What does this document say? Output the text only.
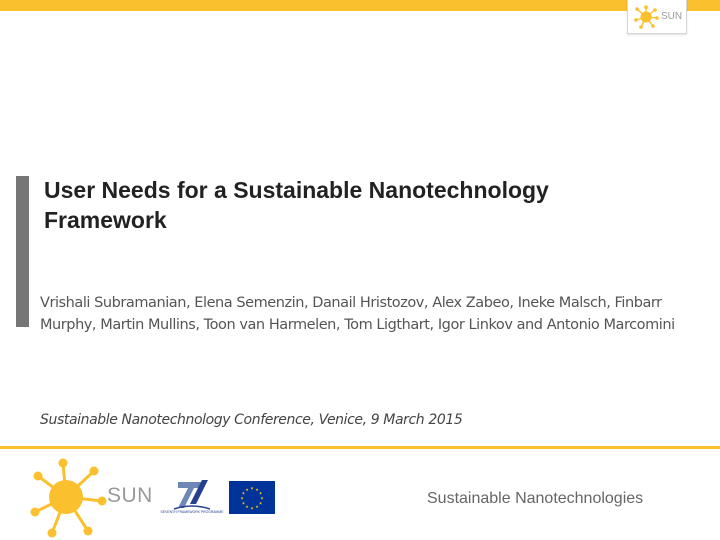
SUN
User Needs for a Sustainable Nanotechnology Framework

Vrishali Subramanian, Elena Semenzin, Danail Hristozov, Alex Zabeo, Ineke Malsch, Finbarr Murphy, Martin Mullins, Toon van Harmelen, Tom Ligthart, Igor Linkov and Antonio Marcomini

Sustainable Nanotechnology Conference, Venice, 9 March 2015

SUN
SEVENTH FRAMEWORK PROGRAMME
★ ★
★
★
★
★
★
★
★
★
★
★
Sustainable Nanotechnologies
